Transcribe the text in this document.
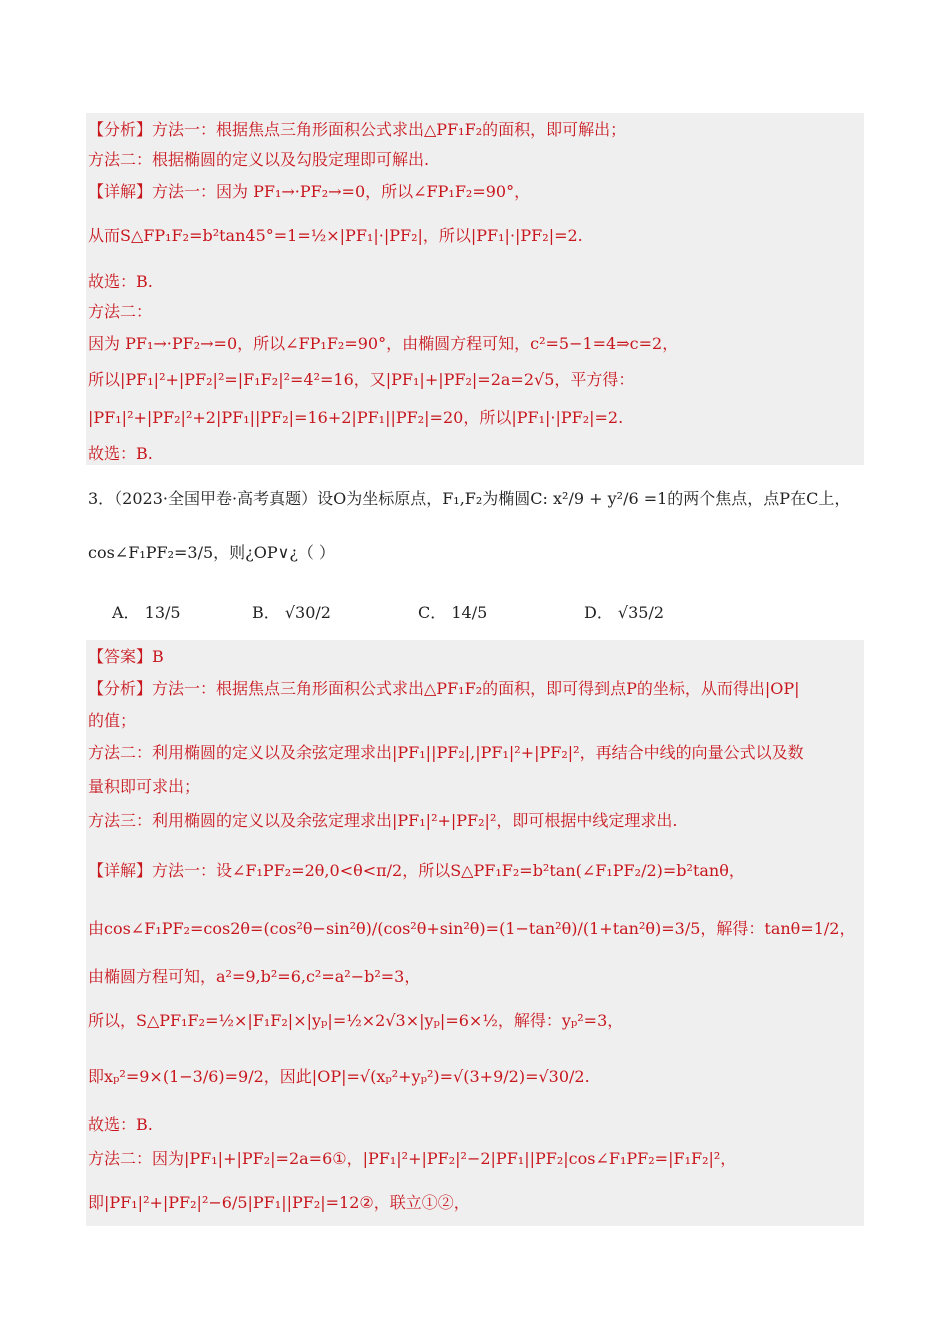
【分析】方法一：根据焦点三角形面积公式求出△PF₁F₂的面积，即可解出；
方法二：根据椭圆的定义以及勾股定理即可解出.
【详解】方法一：因为 PF₁→·PF₂→=0，所以∠FP₁F₂=90°，
从而S△FP₁F₂=b²tan45°=1=½×|PF₁|·|PF₂|，所以|PF₁|·|PF₂|=2.
故选：B.
方法二：
因为 PF₁→·PF₂→=0，所以∠FP₁F₂=90°，由椭圆方程可知，c²=5−1=4⇒c=2，
所以|PF₁|²+|PF₂|²=|F₁F₂|²=4²=16，又|PF₁|+|PF₂|=2a=2√5，平方得：
|PF₁|²+|PF₂|²+2|PF₁||PF₂|=16+2|PF₁||PF₂|=20，所以|PF₁|·|PF₂|=2.
故选：B.
3．（2023·全国甲卷·高考真题）设O为坐标原点，F₁,F₂为椭圆C: x²/9 + y²/6 =1的两个焦点，点P在C上，
cos∠F₁PF₂=3/5，则¿OP∨¿（ ）
A． 13/5	B． √30/2	C． 14/5	D． √35/2
【答案】B
【分析】方法一：根据焦点三角形面积公式求出△PF₁F₂的面积，即可得到点P的坐标，从而得出|OP|
的值；
方法二：利用椭圆的定义以及余弦定理求出|PF₁||PF₂|,|PF₁|²+|PF₂|²，再结合中线的向量公式以及数
量积即可求出；
方法三：利用椭圆的定义以及余弦定理求出|PF₁|²+|PF₂|²，即可根据中线定理求出.
【详解】方法一：设∠F₁PF₂=2θ,0<θ<π/2，所以S△PF₁F₂=b²tan(∠F₁PF₂/2)=b²tanθ，
由cos∠F₁PF₂=cos2θ=(cos²θ−sin²θ)/(cos²θ+sin²θ)=(1−tan²θ)/(1+tan²θ)=3/5，解得：tanθ=1/2，
由椭圆方程可知，a²=9,b²=6,c²=a²−b²=3，
所以，S△PF₁F₂=½×|F₁F₂|×|yₚ|=½×2√3×|yₚ|=6×½，解得：yₚ²=3，
即xₚ²=9×(1−3/6)=9/2，因此|OP|=√(xₚ²+yₚ²)=√(3+9/2)=√30/2.
故选：B.
方法二：因为|PF₁|+|PF₂|=2a=6①，|PF₁|²+|PF₂|²−2|PF₁||PF₂|cos∠F₁PF₂=|F₁F₂|²，
即|PF₁|²+|PF₂|²−6/5|PF₁||PF₂|=12②，联立①②，
